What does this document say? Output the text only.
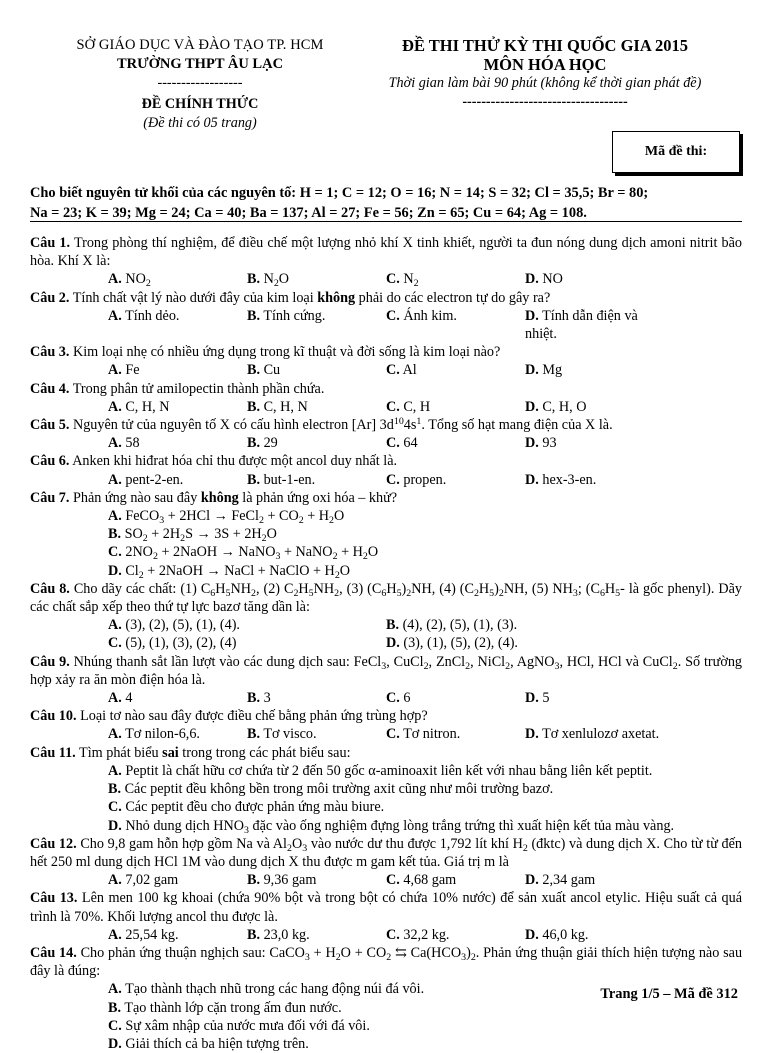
SỞ GIÁO DỤC VÀ ĐÀO TẠO TP. HCM
TRƯỜNG THPT ÂU LẠC
------------------
ĐỀ CHÍNH THỨC
(Đề thi có 05 trang)
ĐỀ THI THỬ KỲ THI QUỐC GIA 2015
MÔN HÓA HỌC
Thời gian làm bài 90 phút (không kể thời gian phát đề)
-----------------------------------
Mã đề thi:
Cho biết nguyên tử khối của các nguyên tố: H = 1; C = 12; O = 16; N = 14; S = 32; Cl = 35,5; Br = 80;
Na = 23; K = 39; Mg = 24; Ca = 40; Ba = 137; Al = 27; Fe = 56; Zn = 65; Cu = 64; Ag = 108.
Câu 1. Trong phòng thí nghiệm, để điều chế một lượng nhỏ khí X tinh khiết, người ta đun nóng dung dịch amoni nitrit bão hòa. Khí X là:
A. $NO_2$	B. $N_2O$	C. $N_2$	D. NO
Câu 2. Tính chất vật lý nào dưới đây của kim loại không phải do các electron tự do gây ra?
A. Tính dẻo.	B. Tính cứng.	C. Ánh kim.	D. Tính dẫn điện và nhiệt.
Câu 3. Kim loại nhẹ có nhiều ứng dụng trong kĩ thuật và đời sống là kim loại nào?
A. Fe	B. Cu	C. Al	D. Mg
Câu 4. Trong phân tử amilopectin thành phần chứa.
A. C, H, N	B. C, H, N	C. C, H	D. C, H, O
Câu 5. Nguyên tử của nguyên tố X có cấu hình electron [Ar] $3d^{10}4s^1$. Tổng số hạt mang điện của X là.
A. 58	B. 29	C. 64	D. 93
Câu 6. Anken khi hiđrat hóa chỉ thu được một ancol duy nhất là.
A. pent-2-en.	B. but-1-en.	C. propen.	D. hex-3-en.
Câu 7. Phản ứng nào sau đây không là phản ứng oxi hóa – khử?
A. FeCO$_3$ + 2HCl → FeCl$_2$ + $CO_2 + H_2O$
B. $SO_2 + 2H_2S \to 3S + 2H_2O$
C. $2NO_2$ + 2NaOH → NaNO$_3$ + NaNO$_2$ + $H_2O$
D. $Cl_2$ + 2NaOH → NaCl + NaClO + $H_2O$
Câu 8. Cho dãy các chất: (1) $C_6H_5NH_2$, (2) $C_2H_5NH_2$, (3) $(C_6H_5)_2NH$, (4) $(C_2H_5)_2NH$, (5) $NH_3$; ($C_6H_5-$ là gốc phenyl). Dãy các chất sắp xếp theo thứ tự lực bazơ tăng dần là:
A. (3), (2), (5), (1), (4).	B. (4), (2), (5), (1), (3).
C. (5), (1), (3), (2), (4)	D. (3), (1), (5), (2), (4).
Câu 9. Nhúng thanh sắt lần lượt vào các dung dịch sau: FeCl$_3$, CuCl$_2$, ZnCl$_2$, NiCl$_2$, AgNO$_3$, HCl, HCl và CuCl$_2$. Số trường hợp xảy ra ăn mòn điện hóa là.
A. 4	B. 3	C. 6	D. 5
Câu 10. Loại tơ nào sau đây được điều chế bằng phản ứng trùng hợp?
A. Tơ nilon-6,6.	B. Tơ visco.	C. Tơ nitron.	D. Tơ xenlulozơ axetat.
Câu 11. Tìm phát biểu sai trong trong các phát biểu sau:
A. Peptit là chất hữu cơ chứa từ 2 đến 50 gốc α-aminoaxit liên kết với nhau bằng liên kết peptit.
B. Các peptit đều không bền trong môi trường axit cũng như môi trường bazơ.
C. Các peptit đều cho được phản ứng màu biure.
D. Nhỏ dung dịch $HNO_3$ đặc vào ống nghiệm đựng lòng trắng trứng thì xuất hiện kết tủa màu vàng.
Câu 12. Cho 9,8 gam hỗn hợp gồm Na và $Al_2O_3$ vào nước dư thu được 1,792 lít khí $H_2$ (đktc) và dung dịch X. Cho từ từ đến hết 250 ml dung dịch HCl 1M vào dung dịch X thu được m gam kết tủa. Giá trị m là
A. 7,02 gam	B. 9,36 gam	C. 4,68 gam	D. 2,34 gam
Câu 13. Lên men 100 kg khoai (chứa 90% bột và trong bột có chứa 10% nước) để sản xuất ancol etylic. Hiệu suất cả quá trình là 70%. Khối lượng ancol thu được là.
A. 25,54 kg.	B. 23,0 kg.	C. 32,2 kg.	D. 46,0 kg.
Câu 14. Cho phản ứng thuận nghịch sau: CaCO$_3$ + $H_2O + CO_2$ ⇆ $Ca(HCO_3)_2$. Phản ứng thuận giải thích hiện tượng nào sau đây là đúng:
A. Tạo thành thạch nhũ trong các hang động núi đá vôi.
B. Tạo thành lớp cặn trong ấm đun nước.
C. Sự xâm nhập của nước mưa đối với đá vôi.
D. Giải thích cả ba hiện tượng trên.
Trang 1/5 – Mã đề 312
